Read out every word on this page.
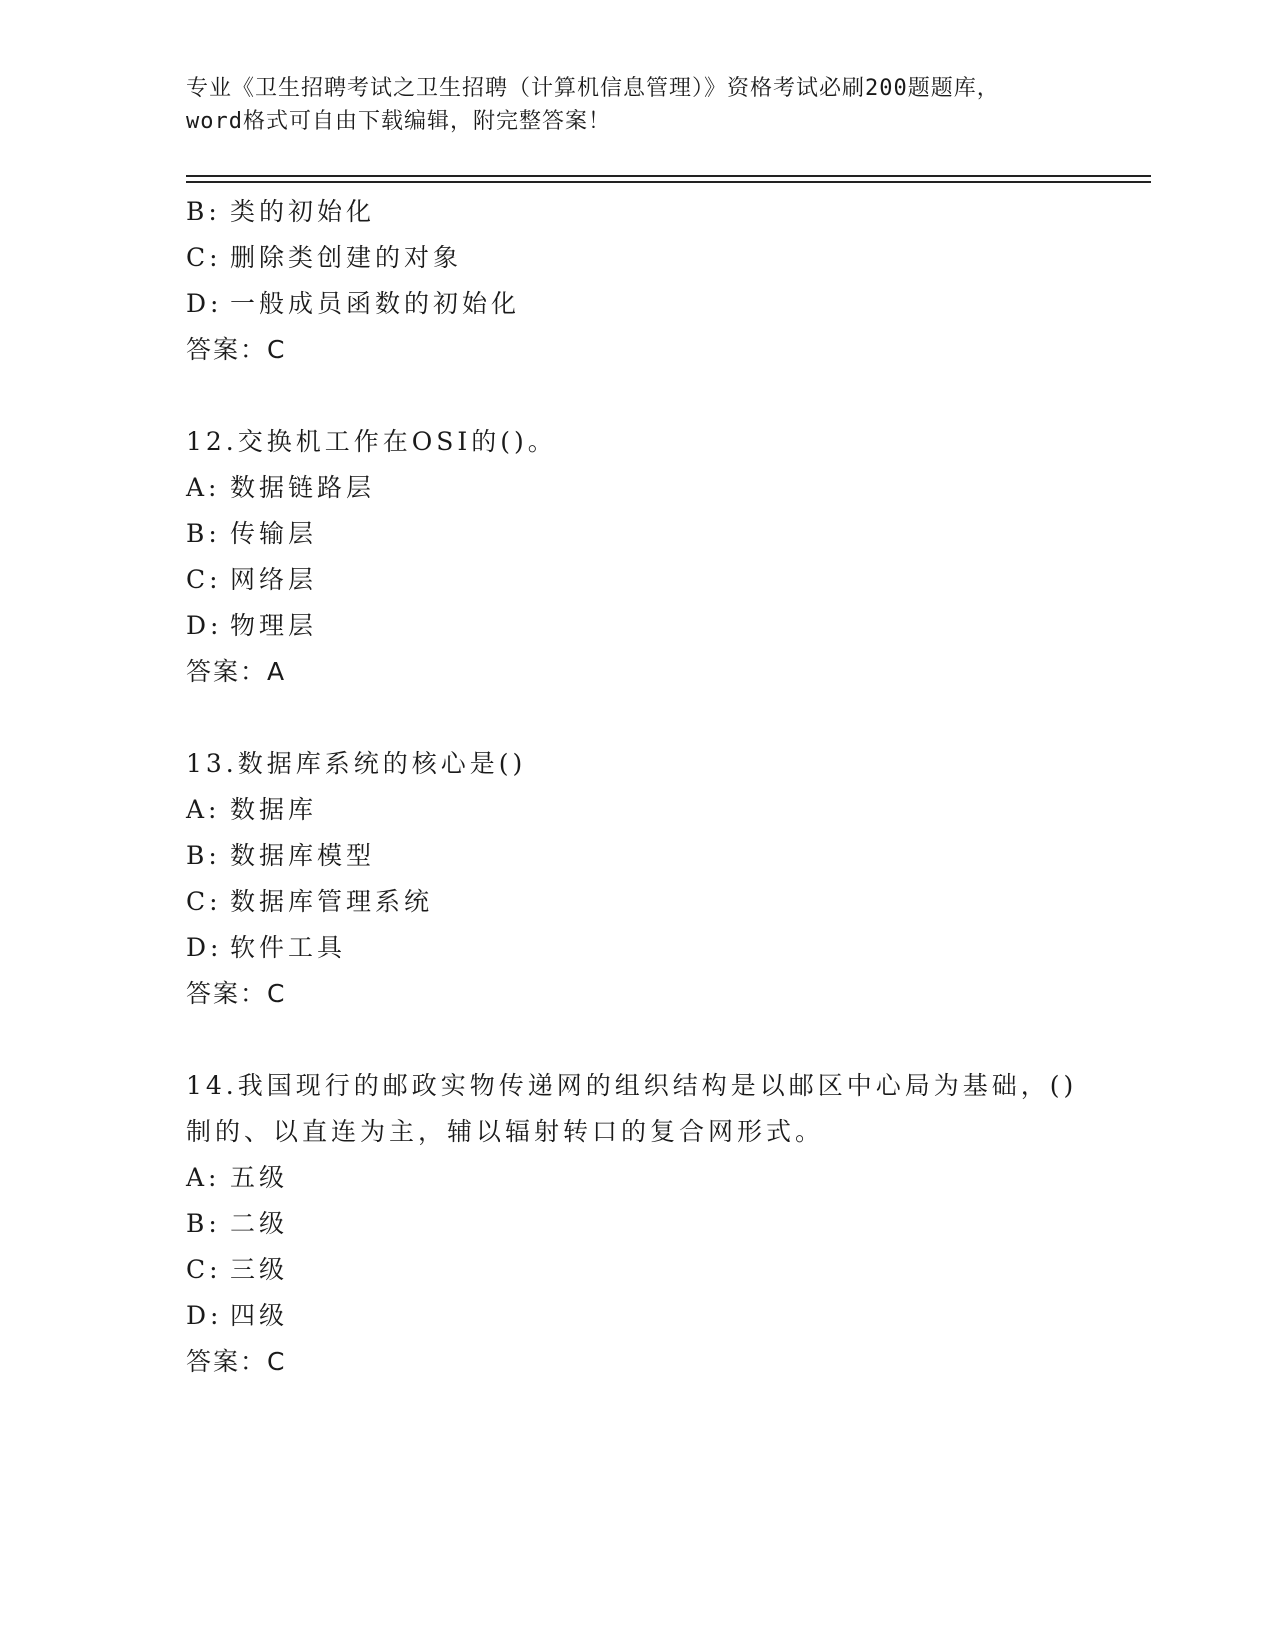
专业《卫生招聘考试之卫生招聘（计算机信息管理）》资格考试必刷200题题库，
word格式可自由下载编辑，附完整答案！
B: 类的初始化
C: 删除类创建的对象
D: 一般成员函数的初始化
答案：C
12.交换机工作在OSI的()。
A: 数据链路层
B: 传输层
C: 网络层
D: 物理层
答案：A
13.数据库系统的核心是()
A: 数据库
B: 数据库模型
C: 数据库管理系统
D: 软件工具
答案：C
14.我国现行的邮政实物传递网的组织结构是以邮区中心局为基础，()
制的、以直连为主，辅以辐射转口的复合网形式。
A: 五级
B: 二级
C: 三级
D: 四级
答案：C
